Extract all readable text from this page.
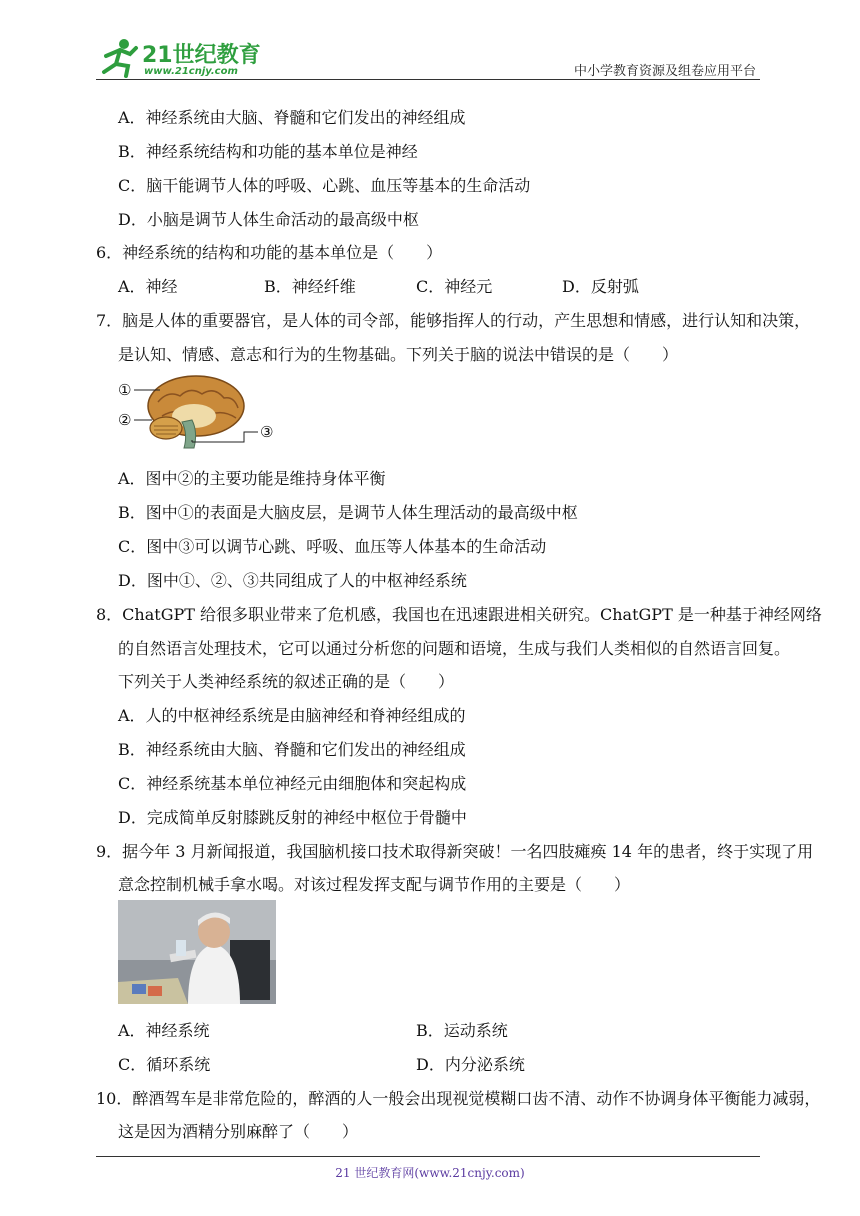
21世纪教育
www.21cnjy.com	中小学教育资源及组卷应用平台
A．神经系统由大脑、脊髓和它们发出的神经组成
B．神经系统结构和功能的基本单位是神经
C．脑干能调节人体的呼吸、心跳、血压等基本的生命活动
D．小脑是调节人体生命活动的最高级中枢
6．神经系统的结构和功能的基本单位是（　　）
A．神经	B．神经纤维	C．神经元	D．反射弧
7．脑是人体的重要器官，是人体的司令部，能够指挥人的行动，产生思想和情感，进行认知和决策，
是认知、情感、意志和行为的生物基础。下列关于脑的说法中错误的是（　　）
①
②
③
A．图中②的主要功能是维持身体平衡
B．图中①的表面是大脑皮层，是调节人体生理活动的最高级中枢
C．图中③可以调节心跳、呼吸、血压等人体基本的生命活动
D．图中①、②、③共同组成了人的中枢神经系统
8．ChatGPT 给很多职业带来了危机感，我国也在迅速跟进相关研究。ChatGPT 是一种基于神经网络
的自然语言处理技术，它可以通过分析您的问题和语境，生成与我们人类相似的自然语言回复。
下列关于人类神经系统的叙述正确的是（　　）
A．人的中枢神经系统是由脑神经和脊神经组成的
B．神经系统由大脑、脊髓和它们发出的神经组成
C．神经系统基本单位神经元由细胞体和突起构成
D．完成简单反射膝跳反射的神经中枢位于骨髓中
9．据今年 3 月新闻报道，我国脑机接口技术取得新突破！一名四肢瘫痪 14 年的患者，终于实现了用
意念控制机械手拿水喝。对该过程发挥支配与调节作用的主要是（　　）
A．神经系统	B．运动系统
C．循环系统	D．内分泌系统
10．醉酒驾车是非常危险的，醉酒的人一般会出现视觉模糊口齿不清、动作不协调身体平衡能力减弱，
这是因为酒精分别麻醉了（　　）
21 世纪教育网(www.21cnjy.com)
